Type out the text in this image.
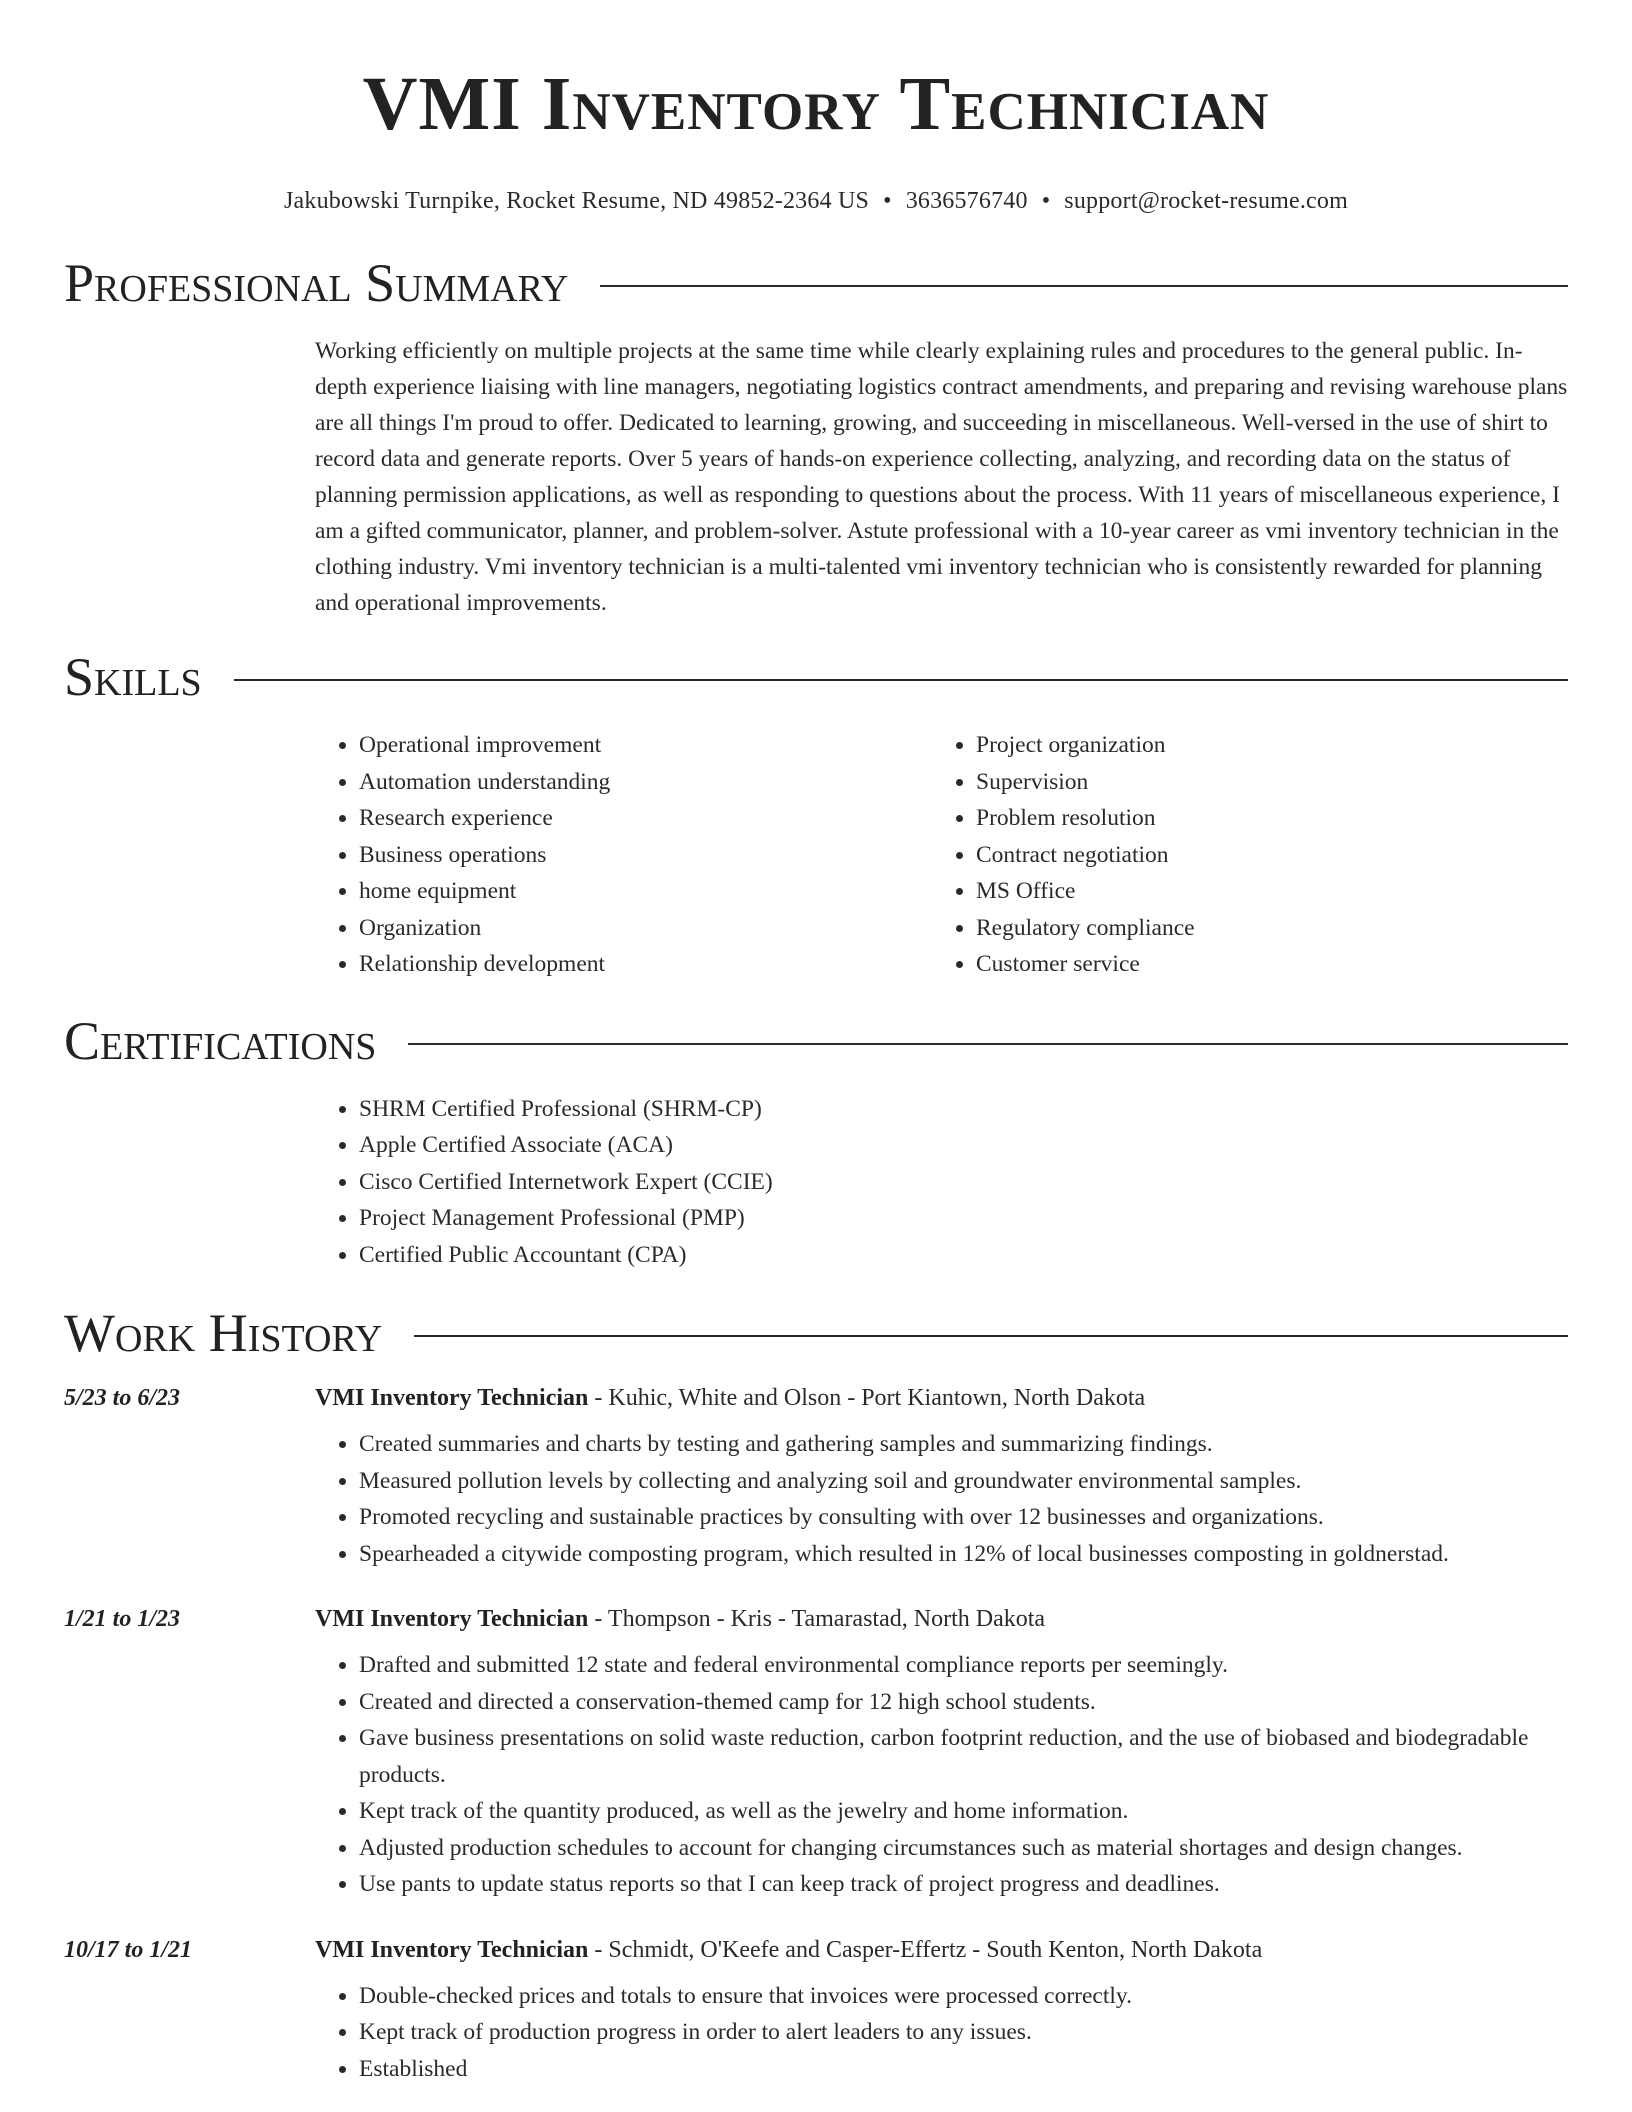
VMI Inventory Technician
Jakubowski Turnpike, Rocket Resume, ND 49852-2364 US • 3636576740 • support@rocket-resume.com
Professional Summary
Working efficiently on multiple projects at the same time while clearly explaining rules and procedures to the general public. In-depth experience liaising with line managers, negotiating logistics contract amendments, and preparing and revising warehouse plans are all things I'm proud to offer. Dedicated to learning, growing, and succeeding in miscellaneous. Well-versed in the use of shirt to record data and generate reports. Over 5 years of hands-on experience collecting, analyzing, and recording data on the status of planning permission applications, as well as responding to questions about the process. With 11 years of miscellaneous experience, I am a gifted communicator, planner, and problem-solver. Astute professional with a 10-year career as vmi inventory technician in the clothing industry. Vmi inventory technician is a multi-talented vmi inventory technician who is consistently rewarded for planning and operational improvements.
Skills
• Operational improvement
• Automation understanding
• Research experience
• Business operations
• home equipment
• Organization
• Relationship development
• Project organization
• Supervision
• Problem resolution
• Contract negotiation
• MS Office
• Regulatory compliance
• Customer service
Certifications
• SHRM Certified Professional (SHRM-CP)
• Apple Certified Associate (ACA)
• Cisco Certified Internetwork Expert (CCIE)
• Project Management Professional (PMP)
• Certified Public Accountant (CPA)
Work History
5/23 to 6/23	VMI Inventory Technician - Kuhic, White and Olson - Port Kiantown, North Dakota
• Created summaries and charts by testing and gathering samples and summarizing findings.
• Measured pollution levels by collecting and analyzing soil and groundwater environmental samples.
• Promoted recycling and sustainable practices by consulting with over 12 businesses and organizations.
• Spearheaded a citywide composting program, which resulted in 12% of local businesses composting in goldnerstad.
1/21 to 1/23	VMI Inventory Technician - Thompson - Kris - Tamarastad, North Dakota
• Drafted and submitted 12 state and federal environmental compliance reports per seemingly.
• Created and directed a conservation-themed camp for 12 high school students.
• Gave business presentations on solid waste reduction, carbon footprint reduction, and the use of biobased and biodegradable products.
• Kept track of the quantity produced, as well as the jewelry and home information.
• Adjusted production schedules to account for changing circumstances such as material shortages and design changes.
• Use pants to update status reports so that I can keep track of project progress and deadlines.
10/17 to 1/21	VMI Inventory Technician - Schmidt, O'Keefe and Casper-Effertz - South Kenton, North Dakota
• Double-checked prices and totals to ensure that invoices were processed correctly.
• Kept track of production progress in order to alert leaders to any issues.
• Established
